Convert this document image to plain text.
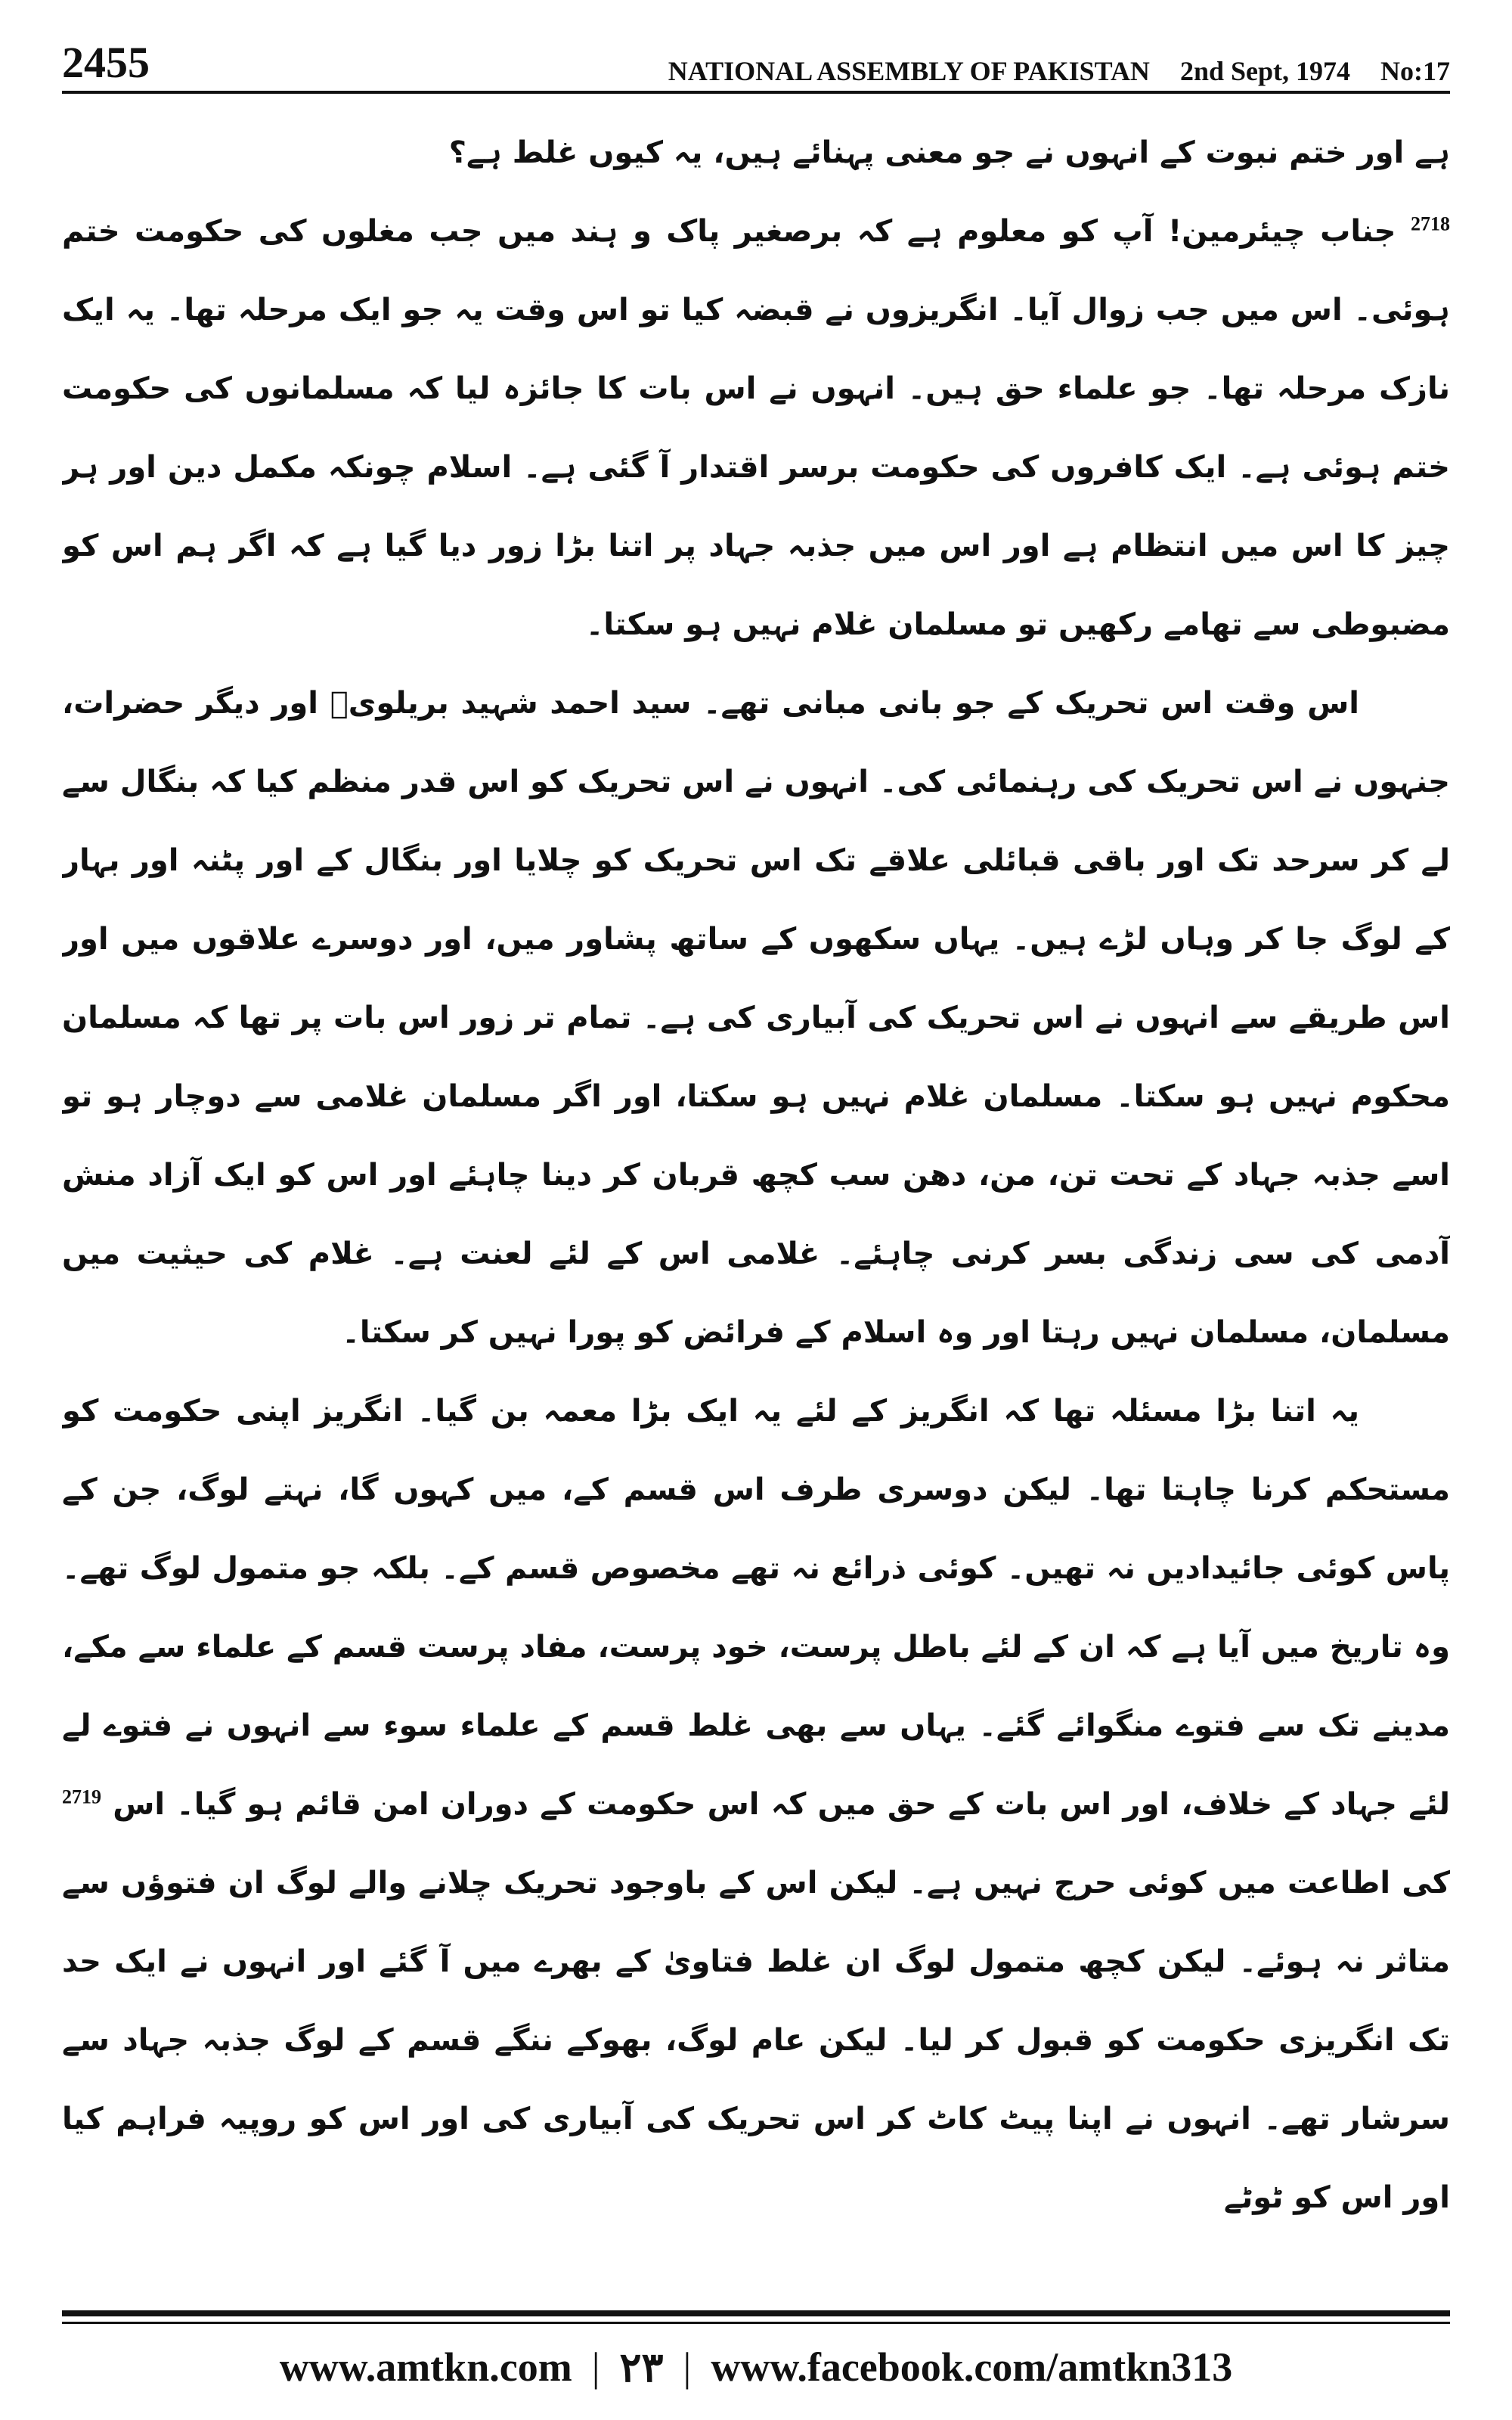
2455	NATIONAL ASSEMBLY OF PAKISTAN 2nd Sept, 1974 No:17

ہے اور ختم نبوت کے انہوں نے جو معنی پہنائے ہیں، یہ کیوں غلط ہے؟

$^{2718}$ جناب چیئرمین! آپ کو معلوم ہے کہ برصغیر پاک و ہند میں جب مغلوں کی حکومت ختم ہوئی۔ اس میں جب زوال آیا۔ انگریزوں نے قبضہ کیا تو اس وقت یہ جو ایک مرحلہ تھا۔ یہ ایک نازک مرحلہ تھا۔ جو علماء حق ہیں۔ انہوں نے اس بات کا جائزہ لیا کہ مسلمانوں کی حکومت ختم ہوئی ہے۔ ایک کافروں کی حکومت برسر اقتدار آ گئی ہے۔ اسلام چونکہ مکمل دین اور ہر چیز کا اس میں انتظام ہے اور اس میں جذبہ جہاد پر اتنا بڑا زور دیا گیا ہے کہ اگر ہم اس کو مضبوطی سے تھامے رکھیں تو مسلمان غلام نہیں ہو سکتا۔

اس وقت اس تحریک کے جو بانی مبانی تھے۔ سید احمد شہید بریلویؒ اور دیگر حضرات، جنہوں نے اس تحریک کی رہنمائی کی۔ انہوں نے اس تحریک کو اس قدر منظم کیا کہ بنگال سے لے کر سرحد تک اور باقی قبائلی علاقے تک اس تحریک کو چلایا اور بنگال کے اور پٹنہ اور بہار کے لوگ جا کر وہاں لڑے ہیں۔ یہاں سکھوں کے ساتھ پشاور میں، اور دوسرے علاقوں میں اور اس طریقے سے انہوں نے اس تحریک کی آبیاری کی ہے۔ تمام تر زور اس بات پر تھا کہ مسلمان محکوم نہیں ہو سکتا۔ مسلمان غلام نہیں ہو سکتا، اور اگر مسلمان غلامی سے دوچار ہو تو اسے جذبہ جہاد کے تحت تن، من، دھن سب کچھ قربان کر دینا چاہئے اور اس کو ایک آزاد منش آدمی کی سی زندگی بسر کرنی چاہئے۔ غلامی اس کے لئے لعنت ہے۔ غلام کی حیثیت میں مسلمان، مسلمان نہیں رہتا اور وہ اسلام کے فرائض کو پورا نہیں کر سکتا۔

یہ اتنا بڑا مسئلہ تھا کہ انگریز کے لئے یہ ایک بڑا معمہ بن گیا۔ انگریز اپنی حکومت کو مستحکم کرنا چاہتا تھا۔ لیکن دوسری طرف اس قسم کے، میں کہوں گا، نہتے لوگ، جن کے پاس کوئی جائیدادیں نہ تھیں۔ کوئی ذرائع نہ تھے مخصوص قسم کے۔ بلکہ جو متمول لوگ تھے۔ وہ تاریخ میں آیا ہے کہ ان کے لئے باطل پرست، خود پرست، مفاد پرست قسم کے علماء سے مکے، مدینے تک سے فتوے منگوائے گئے۔ یہاں سے بھی غلط قسم کے علماء سوء سے انہوں نے فتوے لے لئے جہاد کے خلاف، اور اس بات کے حق میں کہ اس حکومت کے دوران امن قائم ہو گیا۔ اس $^{2719}$ کی اطاعت میں کوئی حرج نہیں ہے۔ لیکن اس کے باوجود تحریک چلانے والے لوگ ان فتوؤں سے متاثر نہ ہوئے۔ لیکن کچھ متمول لوگ ان غلط فتاویٰ کے بھرے میں آ گئے اور انہوں نے ایک حد تک انگریزی حکومت کو قبول کر لیا۔ لیکن عام لوگ، بھوکے ننگے قسم کے لوگ جذبہ جہاد سے سرشار تھے۔ انہوں نے اپنا پیٹ کاٹ کر اس تحریک کی آبیاری کی اور اس کو روپیہ فراہم کیا اور اس کو ٹوٹے

www.amtkn.com | ۲۳ | www.facebook.com/amtkn313
